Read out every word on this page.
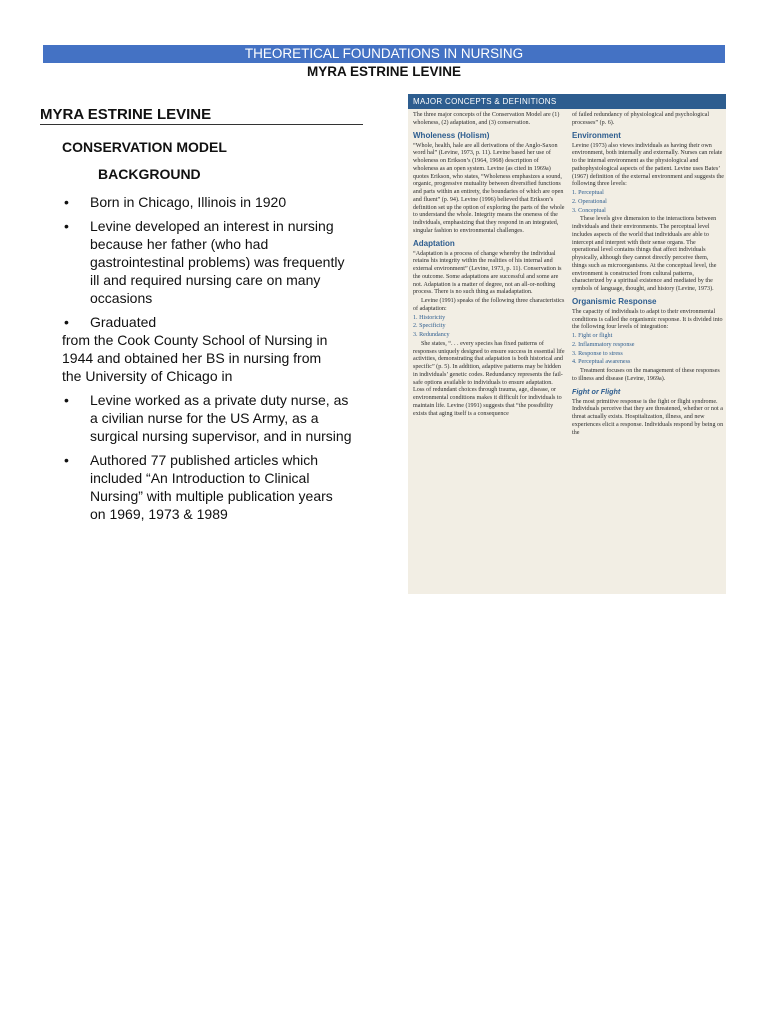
THEORETICAL FOUNDATIONS IN NURSING
MYRA ESTRINE LEVINE
MYRA ESTRINE LEVINE
CONSERVATION MODEL
BACKGROUND
• Born in Chicago, Illinois in 1920
• Levine developed an interest in nursing
because her father (who had
gastrointestinal problems) was frequently
ill and required nursing care on many
occasions
• Graduated
from the Cook County School of Nursing in
1944 and obtained her BS in nursing from
the University of Chicago in
• Levine worked as a private duty nurse, as
a civilian nurse for the US Army, as a
surgical nursing supervisor, and in nursing
• Authored 77 published articles which
included “An Introduction to Clinical
Nursing” with multiple publication years
on 1969, 1973 & 1989
MAJOR CONCEPTS & DEFINITIONS

The three major concepts of the Conservation Model are (1) wholeness, (2) adaptation, and (3) conservation.

Wholeness (Holism)

“Whole, health, hale are all derivations of the Anglo-Saxon word hal” (Levine, 1973, p. 11). Levine based her use of wholeness on Erikson’s (1964, 1968) description of wholeness as an open system. Levine (as cited in 1969a) quotes Erikson, who states, “Wholeness emphasizes a sound, organic, progressive mutuality between diversified functions and parts within an entirety, the boundaries of which are open and fluent” (p. 94). Levine (1996) believed that Erikson’s definition set up the option of exploring the parts of the whole to understand the whole. Integrity means the oneness of the individuals, emphasizing that they respond in an integrated, singular fashion to environmental challenges.

Adaptation

“Adaptation is a process of change whereby the individual retains his integrity within the realities of his internal and external environment” (Levine, 1973, p. 11). Conservation is the outcome. Some adaptations are successful and some are not. Adaptation is a matter of degree, not an all-or-nothing process. There is no such thing as maladaptation.

Levine (1991) speaks of the following three characteristics of adaptation:

1. Historicity

2. Specificity

3. Redundancy

She states, “. . . every species has fixed patterns of responses uniquely designed to ensure success in essential life activities, demonstrating that adaptation is both historical and specific” (p. 5). In addition, adaptive patterns may be hidden in individuals’ genetic codes. Redundancy represents the fail-safe options available to individuals to ensure adaptation. Loss of redundant choices through trauma, age, disease, or environmental conditions makes it difficult for individuals to maintain life. Levine (1991) suggests that “the possibility exists that aging itself is a consequence

of failed redundancy of physiological and psychological processes” (p. 6).

Environment

Levine (1973) also views individuals as having their own environment, both internally and externally. Nurses can relate to the internal environment as the physiological and pathophysiological aspects of the patient. Levine uses Bates’ (1967) definition of the external environment and suggests the following three levels:

1. Perceptual

2. Operational

3. Conceptual

These levels give dimension to the interactions between individuals and their environments. The perceptual level includes aspects of the world that individuals are able to intercept and interpret with their sense organs. The operational level contains things that affect individuals physically, although they cannot directly perceive them, things such as microorganisms. At the conceptual level, the environment is constructed from cultural patterns, characterized by a spiritual existence and mediated by the symbols of language, thought, and history (Levine, 1973).

Organismic Response

The capacity of individuals to adapt to their environmental conditions is called the organismic response. It is divided into the following four levels of integration:

1. Fight or flight

2. Inflammatory response

3. Response to stress

4. Perceptual awareness

Treatment focuses on the management of these responses to illness and disease (Levine, 1969a).

Fight or Flight

The most primitive response is the fight or flight syndrome. Individuals perceive that they are threatened, whether or not a threat actually exists. Hospitalization, illness, and new experiences elicit a response. Individuals respond by being on the
